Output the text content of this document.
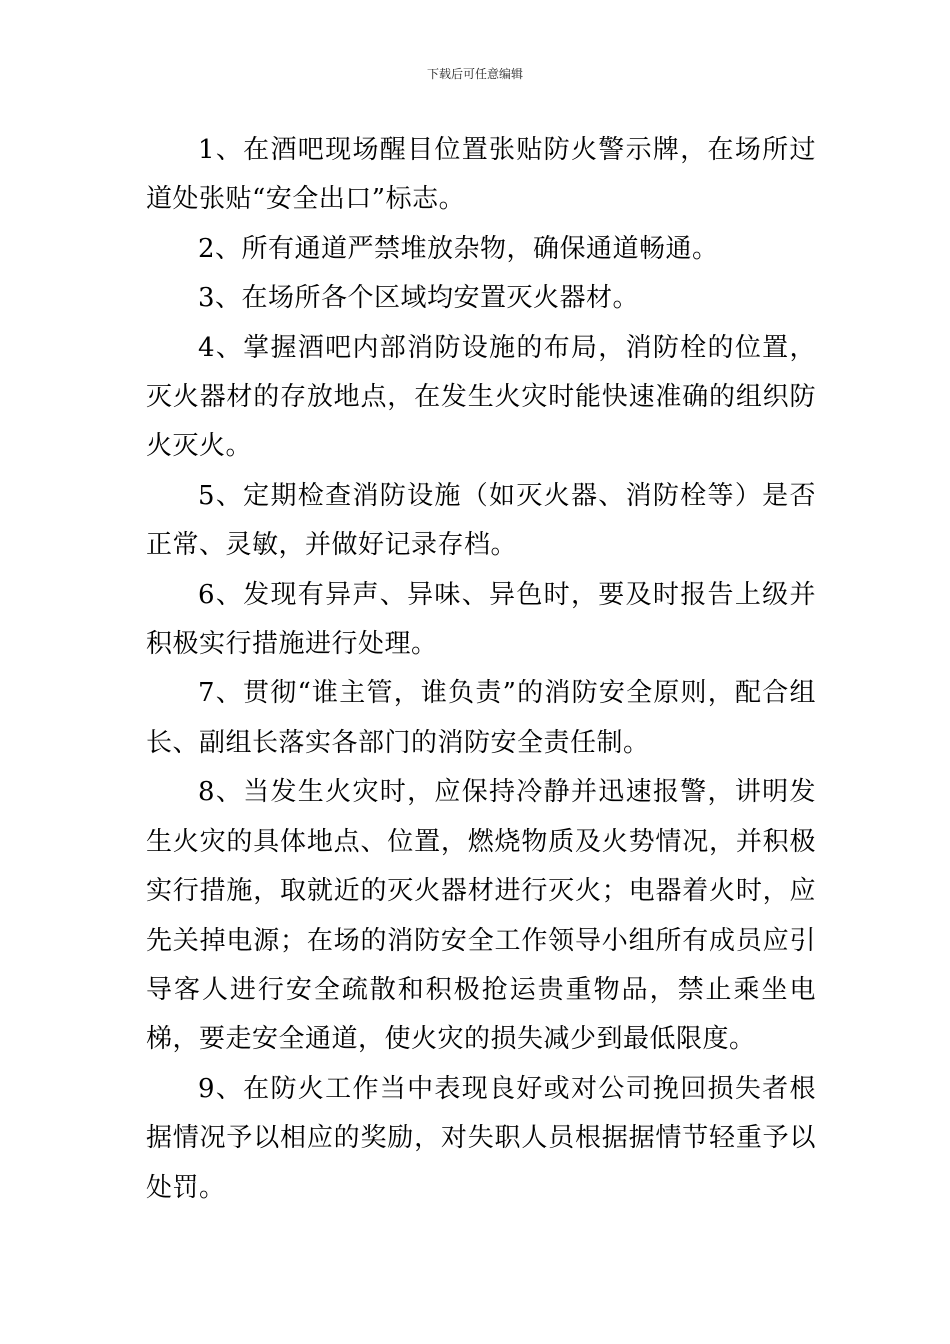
下载后可任意编辑

1、在酒吧现场醒目位置张贴防火警示牌，在场所过道处张贴“安全出口”标志。

2、所有通道严禁堆放杂物，确保通道畅通。

3、在场所各个区域均安置灭火器材。

4、掌握酒吧内部消防设施的布局，消防栓的位置，灭火器材的存放地点，在发生火灾时能快速准确的组织防火灭火。

5、定期检查消防设施（如灭火器、消防栓等）是否正常、灵敏，并做好记录存档。

6、发现有异声、异味、异色时，要及时报告上级并积极实行措施进行处理。

7、贯彻“谁主管，谁负责”的消防安全原则，配合组长、副组长落实各部门的消防安全责任制。

8、当发生火灾时，应保持冷静并迅速报警，讲明发生火灾的具体地点、位置，燃烧物质及火势情况，并积极实行措施，取就近的灭火器材进行灭火；电器着火时，应先关掉电源；在场的消防安全工作领导小组所有成员应引导客人进行安全疏散和积极抢运贵重物品，禁止乘坐电梯，要走安全通道，使火灾的损失减少到最低限度。

9、在防火工作当中表现良好或对公司挽回损失者根据情况予以相应的奖励，对失职人员根据据情节轻重予以处罚。
